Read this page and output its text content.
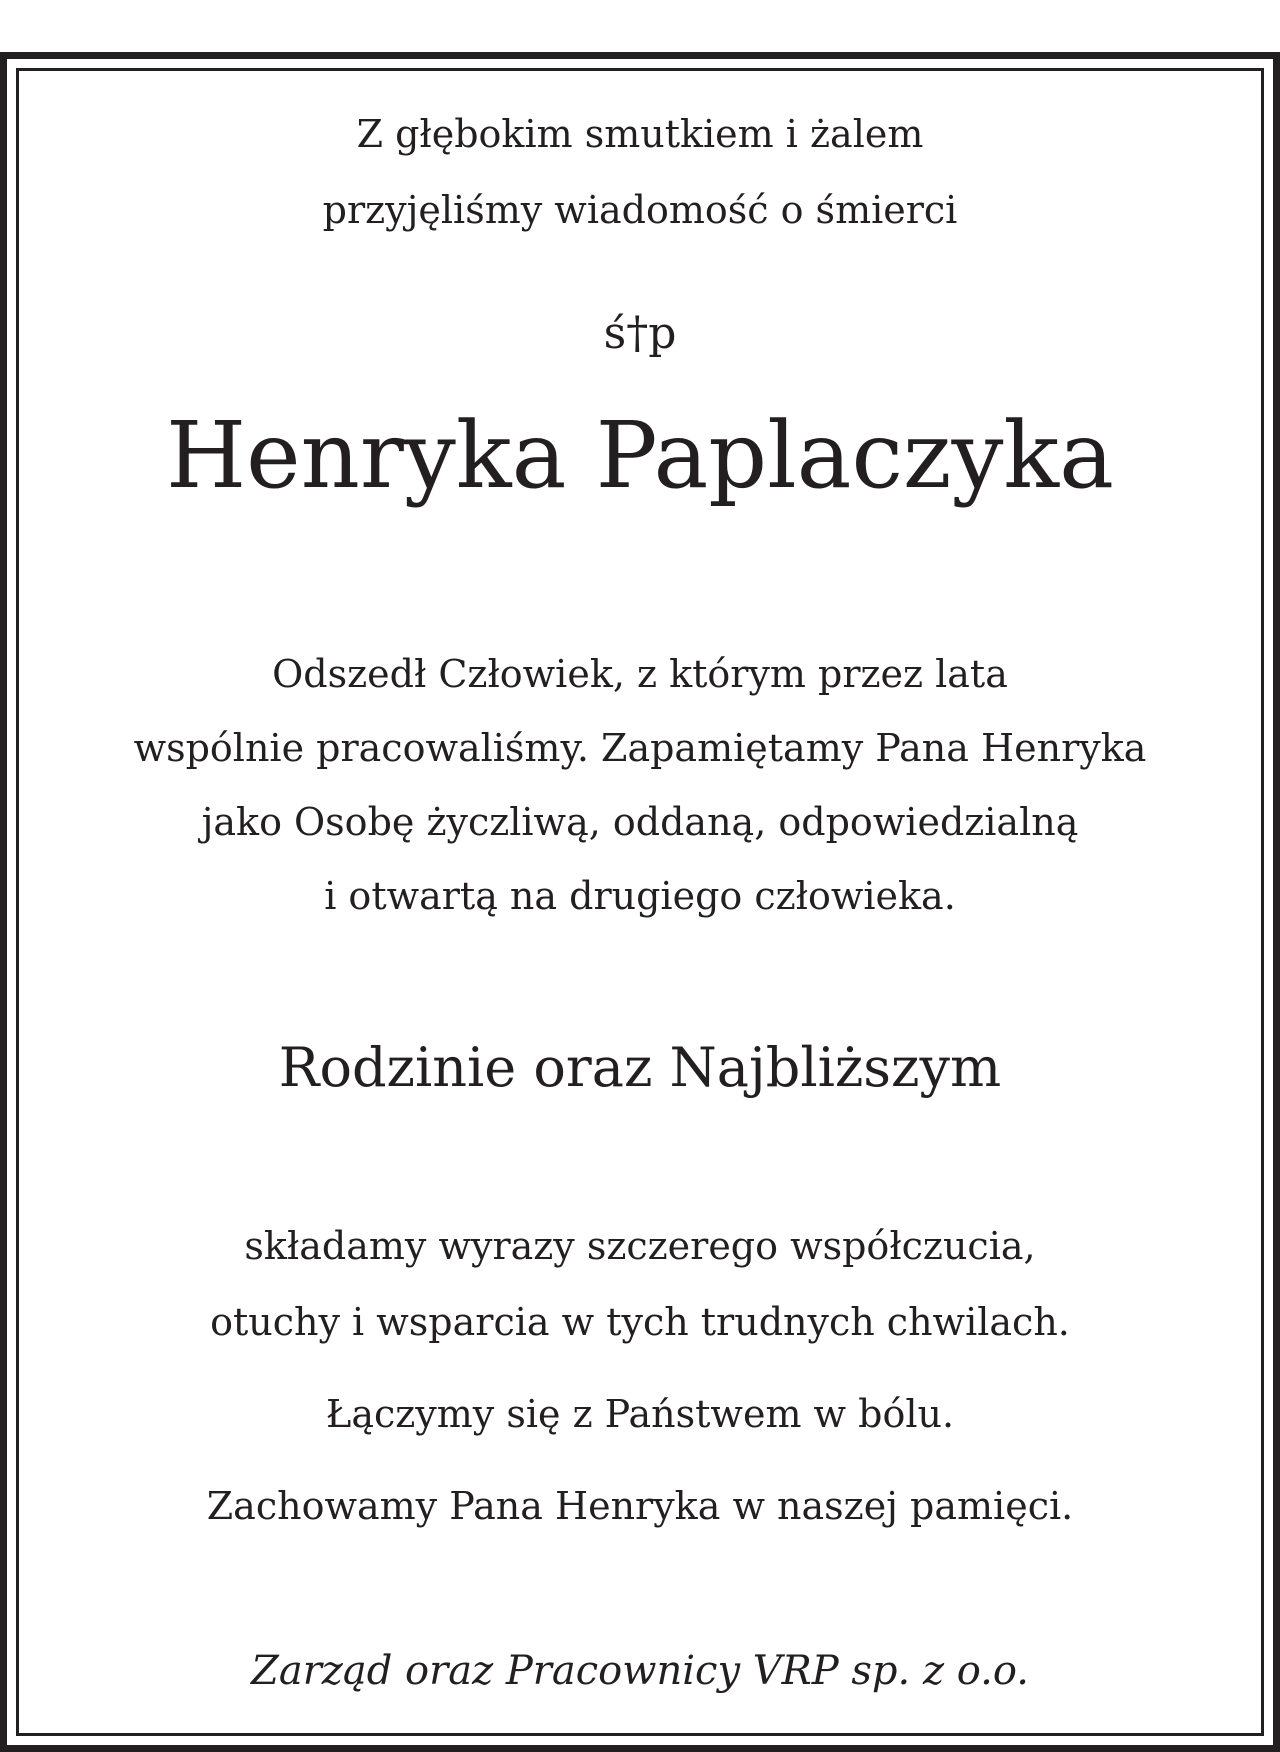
Z głębokim smutkiem i żalem

przyjęliśmy wiadomość o śmierci

ś†p

Henryka Paplaczyka

Odszedł Człowiek, z którym przez lata

wspólnie pracowaliśmy. Zapamiętamy Pana Henryka

jako Osobę życzliwą, oddaną, odpowiedzialną

i otwartą na drugiego człowieka.

Rodzinie oraz Najbliższym

składamy wyrazy szczerego współczucia,

otuchy i wsparcia w tych trudnych chwilach.

Łączymy się z Państwem w bólu.

Zachowamy Pana Henryka w naszej pamięci.

Zarząd oraz Pracownicy VRP sp. z o.o.
